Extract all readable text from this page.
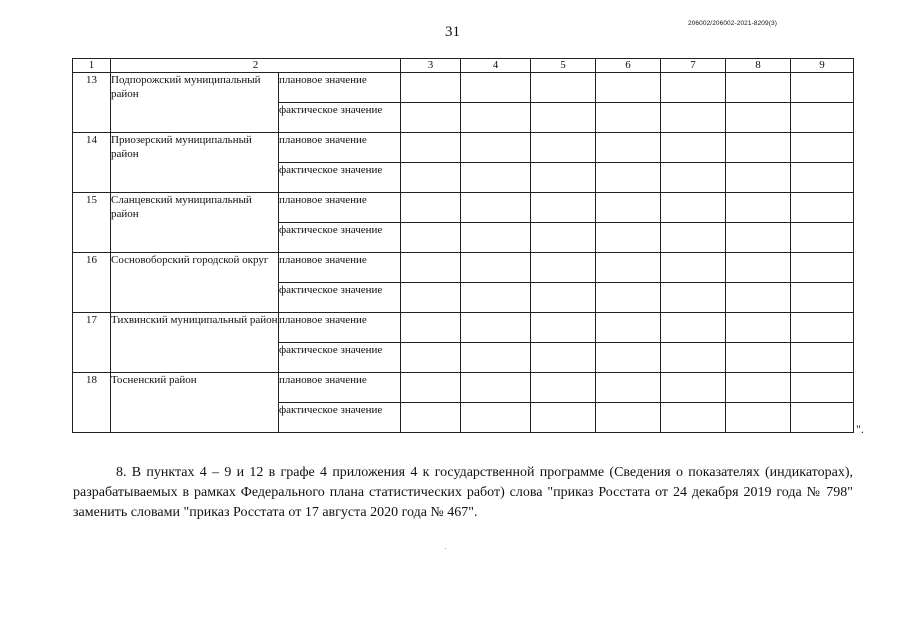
31
206002/206002-2021-8209(3)
1	2		3	4	5	6	7	8	9
13	Подпорожский муниципальный район	плановое значение							
		фактическое значение							
14	Приозерский муниципальный район	плановое значение							
		фактическое значение							
15	Сланцевский муниципальный район	плановое значение							
		фактическое значение							
16	Сосновоборский городской округ	плановое значение							
		фактическое значение							
17	Тихвинский муниципальный район	плановое значение							
		фактическое значение							
18	Тосненский район	плановое значение							
		фактическое значение							
".

8. В пунктах 4 – 9 и 12 в графе 4 приложения 4 к государственной программе (Сведения о показателях (индикаторах), разрабатываемых в рамках Федерального плана статистических работ) слова "приказ Росстата от 24 декабря 2019 года № 798" заменить словами "приказ Росстата от 17 августа 2020 года № 467".
